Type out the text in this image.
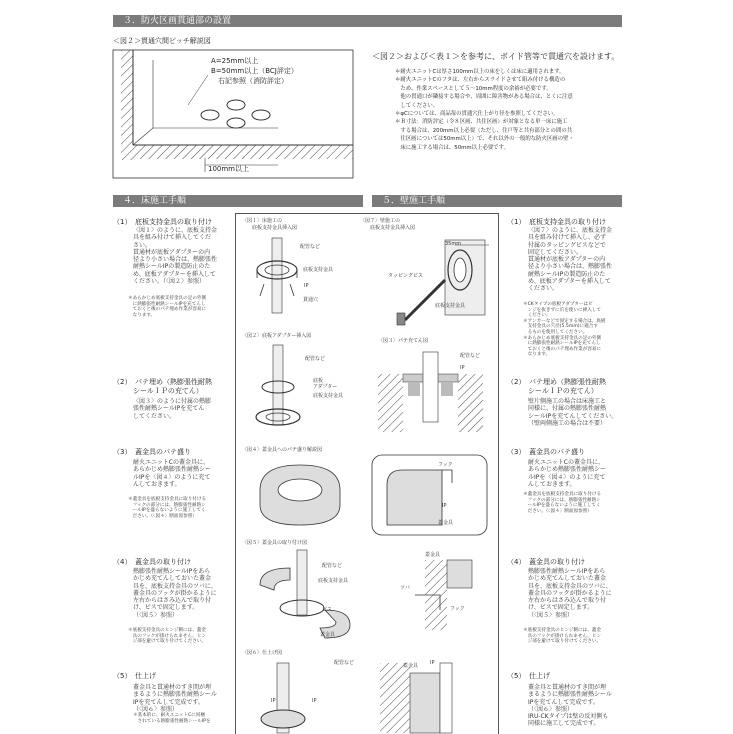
３．防火区画貫通部の設置
＜図２＞貫通穴間ピッチ解説図
A=25mm以上
B=50mm以上（BCJ評定）
右記参照（消防評定）
100mm以上
＜図２＞および＜表１＞を参考に、ボイド管等で貫通穴を設けます。
＊耐火ユニットCは厚さ100mm以上の床をしくは床に適用されます。
＊耐火ユニットCのフタは、左右からスライドさせて組み付ける構造の
　ため、作業スペースとして５～10mm程度の余裕が必要です。
　他の貫通口が隣接する場合や、周囲に障害物がある場合は、とくに注意
　してください。
＊φCについては、商品毎の貫通穴仕上がり径を参照してください。
＊Ｂ寸法：消防評定（令８区画、共住区画）が対象となる単一床に施工
　する場合は、200mm以上必要（ただし、住戸等と共有部分との間の共
　住区画については50mm以上）で、それ以外の一般的な防火区画の壁・
　床に施工する場合は、50mm以上必要です。
４．床施工手順	５．壁施工手順
（1）　底板支持金具の取り付け
〈図１〉のように、底板支持金
具を組み付けて挿入してくだ
さい。
貫通材が底板アダプターの内
径より小さい場合は、熱膨張性
耐熱シールIPの製造防止のた
め、底板アダプターを挿入して
ください。（〈図２〉参照）
＊あらかじめ底板支持金具の足の外側
　に熱膨張性耐熱シールIPを充てんし
　ておくと後のパテ埋め作業が容易に
　なります。
（2）　パテ埋め（熱膨張性耐熱
シールＩＰの充てん）
〈図３〉のように付属の熱膨
張性耐熱シールIPを充てん
してください。
（3）　蓋金具のパテ盛り
耐火ユニットCの蓋金具に、
あらかじめ熱膨張性耐熱シー
ルIPを〈図４〉のように充て
んしておきます。
＊蓋金具を底板支持金具に取り付ける
　フックの部分には、熱膨張性耐熱シ
　ールIPを盛らないように施工してく
　ださい。（〈図４〉断面図参照）
（4）　蓋金具の取り付け
熱膨張性耐熱シールIPをあら
かじめ充てんしておいた蓋金
具を、底板支持金具のツバに、
蓋金具のフックが掛かるように
左右からはさみ込んで取り付
け、ビスで固定します。
（〈図５〉参照）
＊底板支持金具のヒンジ側には、蓋金
　具のフックが掛けられません。ヒン
　ジ部を避けて取り付けてください。
（5）　仕上げ
蓋金具と貫通材のすき間が埋
まるように熱膨張性耐熱シール
IPを充てんして完成です。
（〈図６〉参照）
＊基本的に、耐火ユニットCに同梱
　されている熱膨張性耐熱シールIPを
〈図１〉床施工の
　　底板支持金具挿入図
〈図７〉壁施工の
　　底板支持金具挿入図
配管など
底板支持金具
IP
貫通穴
35mm
タッピングビス
底板支持金具
〈図２〉底板アダプター挿入図
配管など
底板
アダプター
底板支持金具
〈図３〉パテ充てん図
配管など
IP
〈図４〉蓋金具へのパテ盛り解説図
フック
IP
蓋金具
〈図５〉蓋金具の取り付け図
配管など
底板支持金具
ビス
蓋金具
蓋金具
ツバ
フック
〈図６〉仕上げ図
配管など
IP	IP
蓋金具 IP
（1）　底板支持金具の取り付け
〈図７〉のように、底板支持金
具を組み付けて挿入し、必ず
付属のタッピングビスなどで
固定してください。
貫通材が底板アダプターの内
径より小さい場合は、熱膨張性
耐熱シールIPの製造防止のた
め、底板アダプターを挿入して
ください。
＊CKタイプの底板アダプターはビ
　ンジを抜きずに爪を使いに挿入して
　ください。
＊アンカーなどで固定する場合は、底板
　支持金具の穴径(5.5mm)に適合す
　るものを使用してください。
＊あらかじめ底板支持金具の足の外側
　に熱膨張性耐熱シールIPを充てんし
　ておくと後のパテ埋め作業が容易に
　なります。
（2）　パテ埋め（熱膨張性耐熱
シールＩＰの充てん）
壁片側施工の場合は床施工と
同様に、付属の熱膨張性耐熱
シールIPを充てんしてください。
（壁両側施工の場合は不要）
（3）　蓋金具のパテ盛り
耐火ユニットCの蓋金具に、
あらかじめ熱膨張性耐熱シー
ルIPを〈図４〉のように充て
んしておきます。
＊蓋金具を底板支持金具に取り付ける
　フックの部分には、熱膨張性耐熱シ
　ールIPを盛らないように施工してく
　ださい。（〈図４〉断面図参照）
（4）　蓋金具の取り付け
熱膨張性耐熱シールIPをあら
かじめ充てんしておいた蓋金
具を、底板支持金具のツバに、
蓋金具のフックが掛かるように
左右からはさみ込んで取り付
け、ビスで固定します。
（〈図５〉参照）
＊底板支持金具のヒンジ側には、蓋金
　具のフックが掛けられません。ヒン
　ジ部を避けて取り付けてください。
（5）　仕上げ
蓋金具と貫通材のすき間が埋
まるように熱膨張性耐熱シール
IPを充てんして完成です。
（〈図６〉参照）
IRU-CKタイプは壁の反対側も
同様に施工して完成です。
